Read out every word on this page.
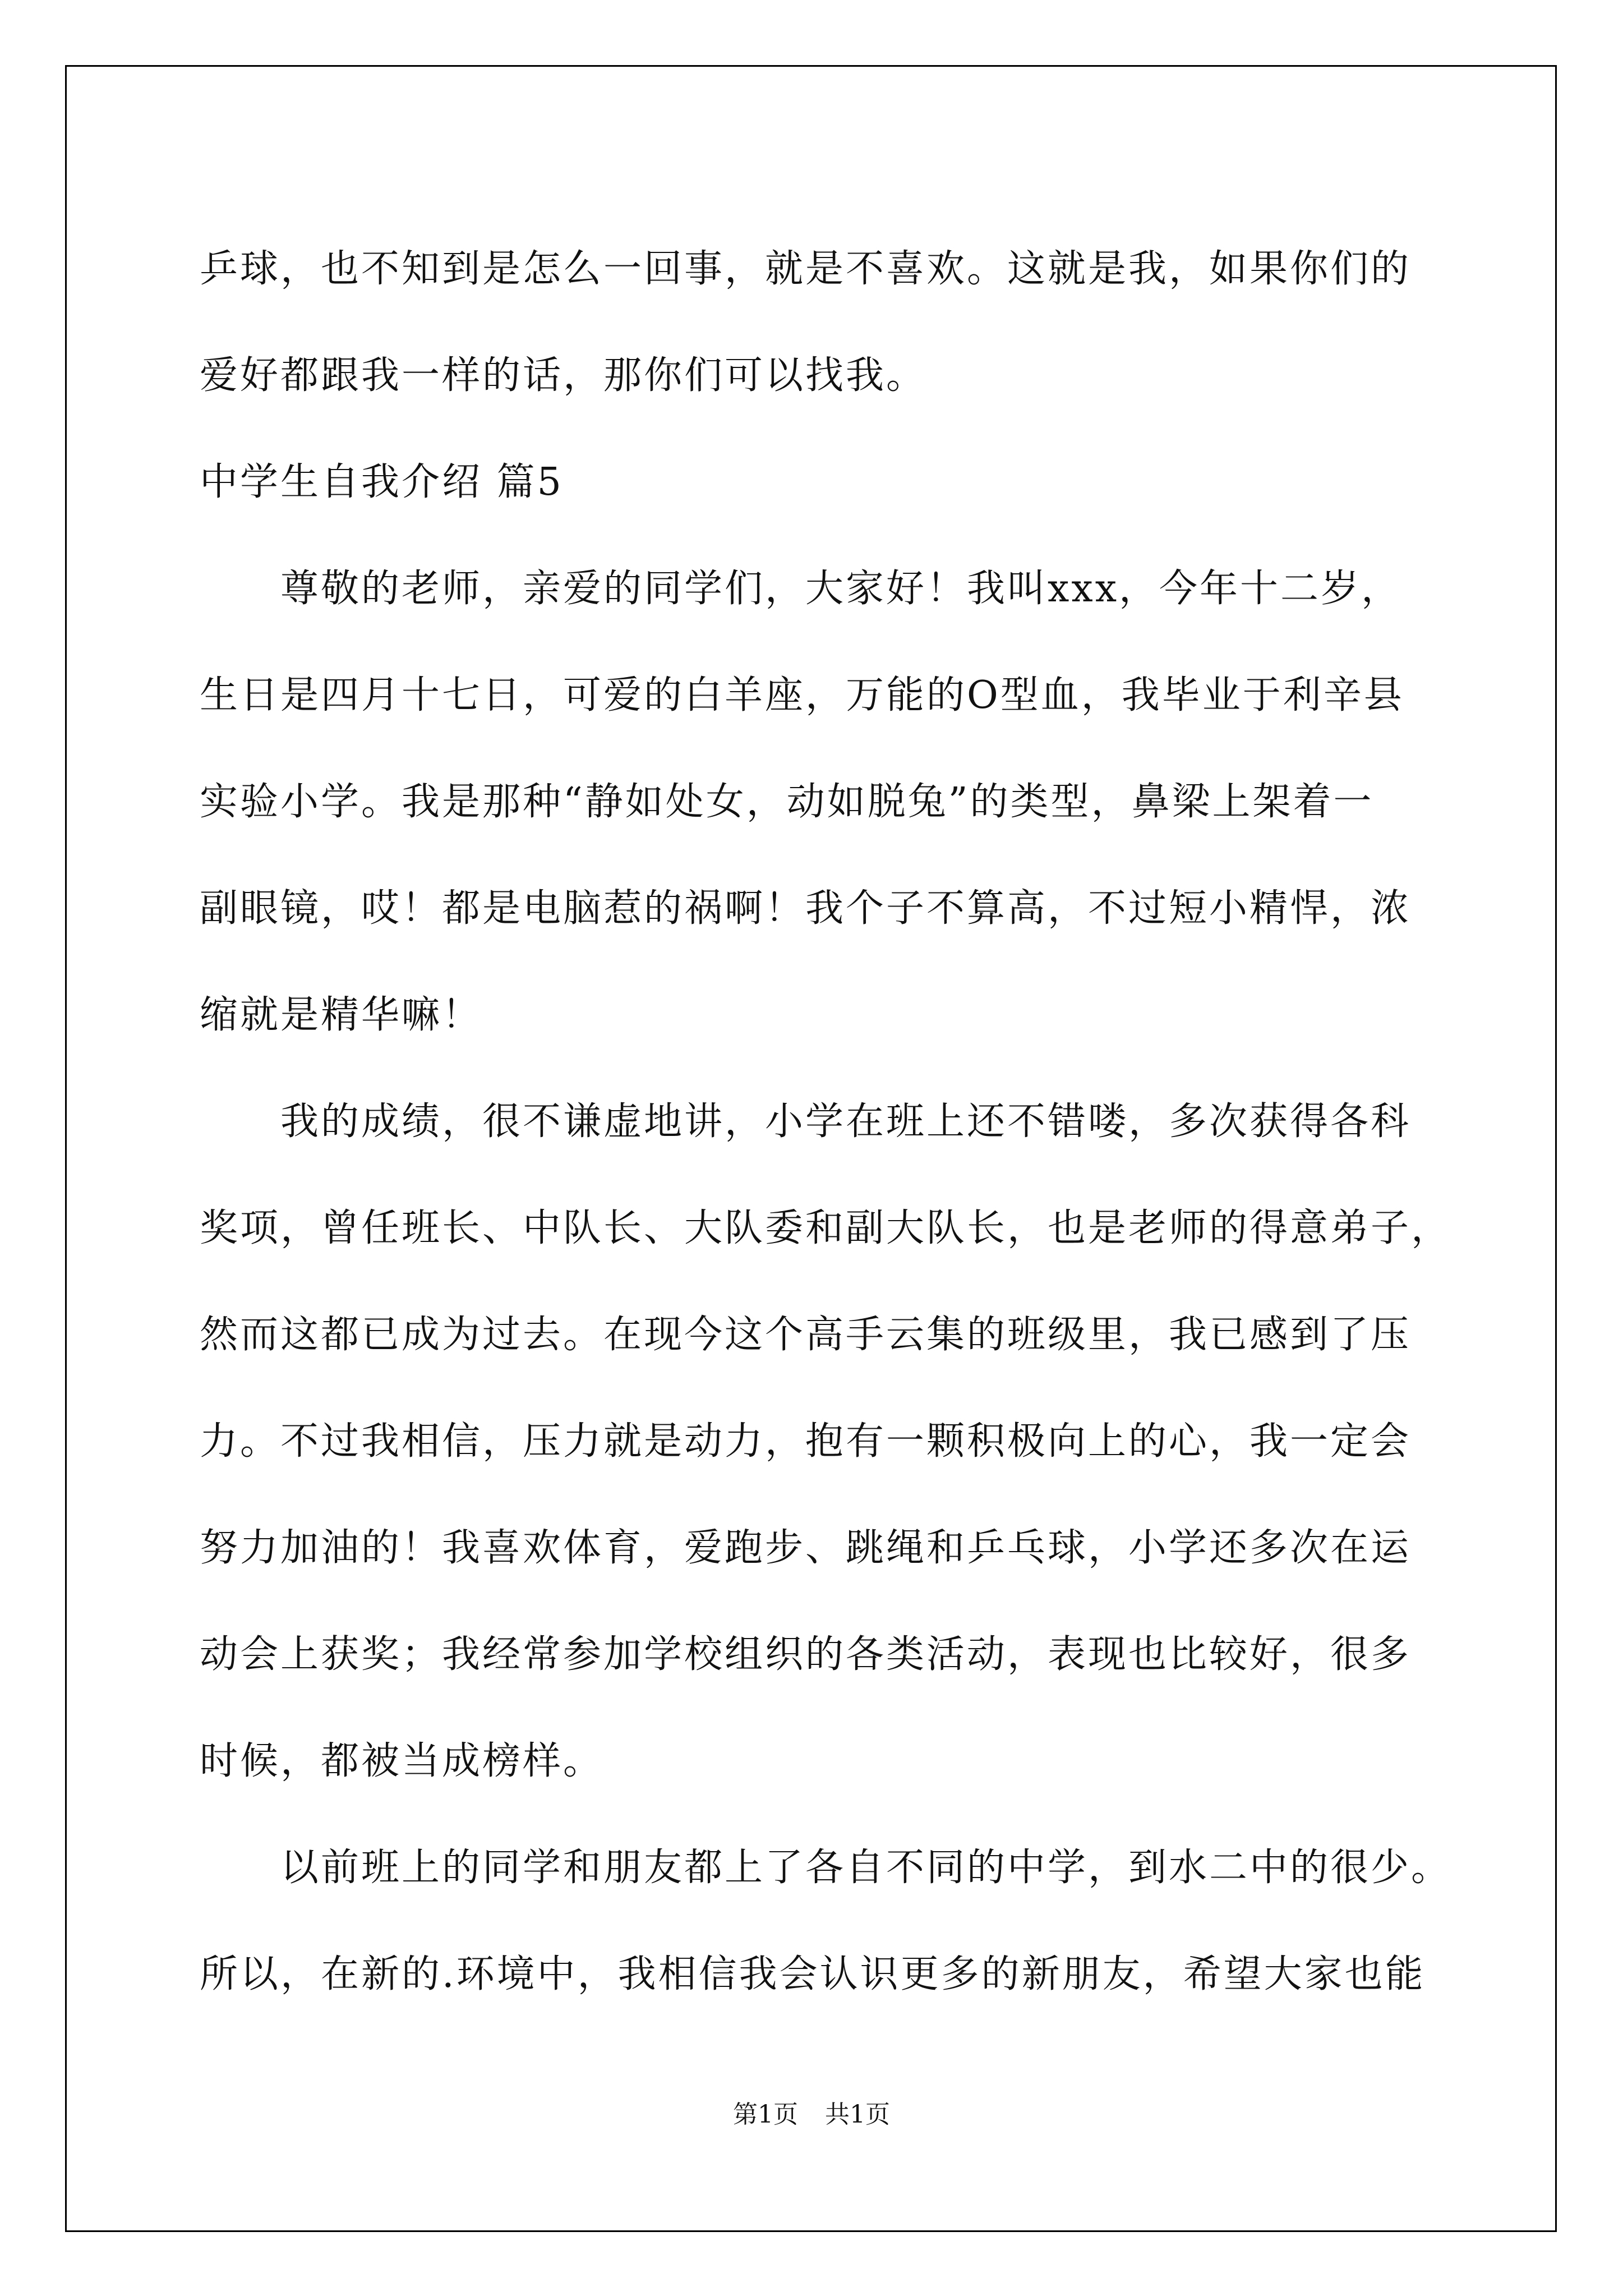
乒球，也不知到是怎么一回事，就是不喜欢。这就是我，如果你们的
爱好都跟我一样的话，那你们可以找我。
中学生自我介绍 篇5
　　尊敬的老师，亲爱的同学们，大家好！我叫xxx，今年十二岁，
生日是四月十七日，可爱的白羊座，万能的O型血，我毕业于利辛县
实验小学。我是那种“静如处女，动如脱兔”的类型，鼻梁上架着一
副眼镜，哎！都是电脑惹的祸啊！我个子不算高，不过短小精悍，浓
缩就是精华嘛！
　　我的成绩，很不谦虚地讲，小学在班上还不错喽，多次获得各科
奖项，曾任班长、中队长、大队委和副大队长，也是老师的得意弟子，
然而这都已成为过去。在现今这个高手云集的班级里，我已感到了压
力。不过我相信，压力就是动力，抱有一颗积极向上的心，我一定会
努力加油的！我喜欢体育，爱跑步、跳绳和乒乓球，小学还多次在运
动会上获奖；我经常参加学校组织的各类活动，表现也比较好，很多
时候，都被当成榜样。
　　以前班上的同学和朋友都上了各自不同的中学，到水二中的很少。
所以，在新的.环境中，我相信我会认识更多的新朋友，希望大家也能
第1页 共1页
